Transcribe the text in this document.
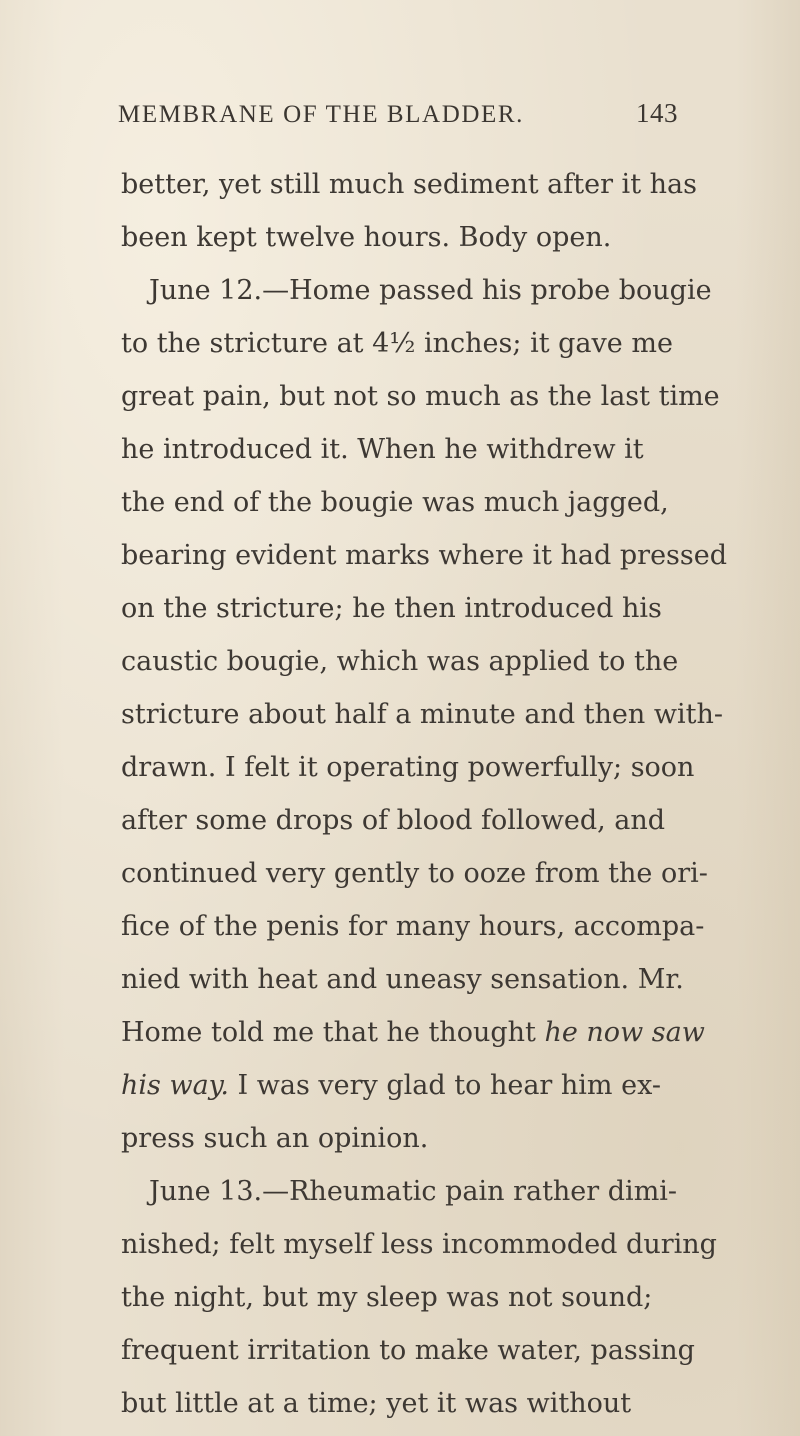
MEMBRANE OF THE BLADDER.	143
better, yet still much sediment after it has
been kept twelve hours. Body open.
June 12.—Home passed his probe bougie
to the stricture at 4½ inches; it gave me
great pain, but not so much as the last time
he introduced it. When he withdrew it
the end of the bougie was much jagged,
bearing evident marks where it had pressed
on the stricture; he then introduced his
caustic bougie, which was applied to the
stricture about half a minute and then with-
drawn. I felt it operating powerfully; soon
after some drops of blood followed, and
continued very gently to ooze from the ori-
fice of the penis for many hours, accompa-
nied with heat and uneasy sensation. Mr.
Home told me that he thought he now saw
his way. I was very glad to hear him ex-
press such an opinion.
June 13.—Rheumatic pain rather dimi-
nished; felt myself less incommoded during
the night, but my sleep was not sound;
frequent irritation to make water, passing
but little at a time; yet it was without
